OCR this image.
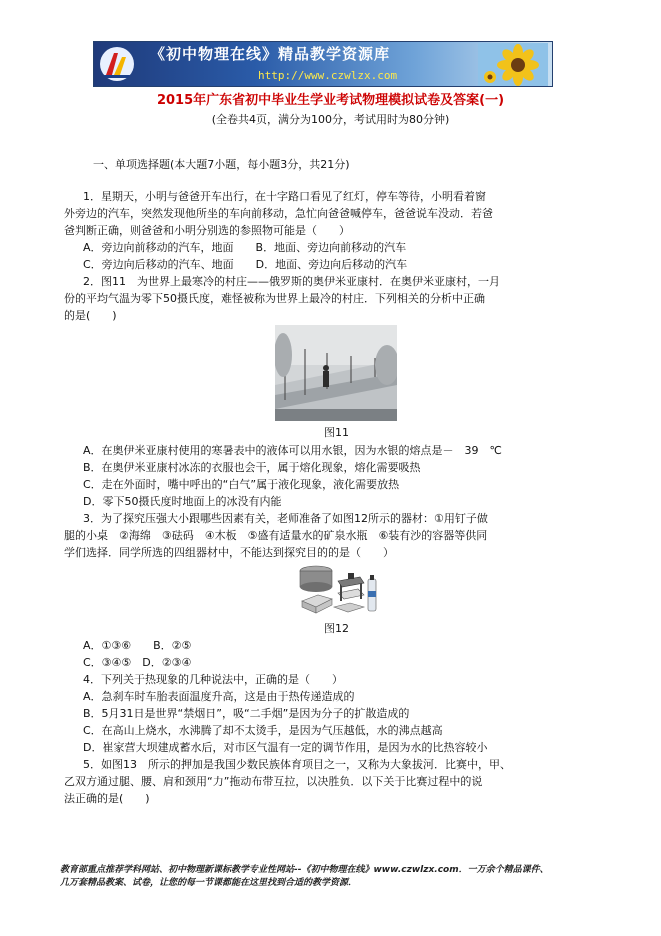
《初中物理在线》精品教学资源库
http://www.czwlzx.com
2015年广东省初中毕业生学业考试物理模拟试卷及答案(一)
(全卷共4页，满分为100分，考试用时为80分钟)
一、单项选择题(本大题7小题，每小题3分，共21分)
1．星期天，小明与爸爸开车出行，在十字路口看见了红灯，停车等待，小明看着窗
外旁边的汽车，突然发现他所坐的车向前移动，急忙向爸爸喊停车，爸爸说车没动．若爸
爸判断正确，则爸爸和小明分别选的参照物可能是（　　）
A．旁边向前移动的汽车，地面　　B．地面、旁边向前移动的汽车
C．旁边向后移动的汽车、地面　　D．地面、旁边向后移动的汽车
2．图11　为世界上最寒冷的村庄——俄罗斯的奥伊米亚康村．在奥伊米亚康村，一月
份的平均气温为零下50摄氏度，难怪被称为世界上最冷的村庄．下列相关的分析中正确
的是(　　)
图11
A．在奥伊米亚康村使用的寒暑表中的液体可以用水银，因为水银的熔点是－　39　℃
B．在奥伊米亚康村冰冻的衣服也会干，属于熔化现象，熔化需要吸热
C．走在外面时，嘴中呼出的“白气”属于液化现象，液化需要放热
D．零下50摄氏度时地面上的冰没有内能
3．为了探究压强大小跟哪些因素有关，老师准备了如图12所示的器材：①用钉子做
腿的小桌　②海绵　③砝码　④木板　⑤盛有适量水的矿泉水瓶　⑥装有沙的容器等供同
学们选择．同学所选的四组器材中，不能达到探究目的的是（　　）
图12
A．①③⑥　　B．②⑤
C．③④⑤　D．②③④
4．下列关于热现象的几种说法中，正确的是（　　）
A．急刹车时车胎表面温度升高，这是由于热传递造成的
B．5月31日是世界“禁烟日”，吸“二手烟”是因为分子的扩散造成的
C．在高山上烧水，水沸腾了却不太烫手，是因为气压越低，水的沸点越高
D．崔家营大坝建成蓄水后，对市区气温有一定的调节作用，是因为水的比热容较小
5．如图13　所示的押加是我国少数民族体育项目之一，又称为大象拔河．比赛中，甲、
乙双方通过腿、腰、肩和颈用“力”拖动布带互拉，以决胜负．以下关于比赛过程中的说
法正确的是(　　)
教育部重点推荐学科网站、初中物理新课标教学专业性网站--《初中物理在线》www.czwlzx.com．一万余个精品课件、
几万套精品教案、试卷，让您的每一节课都能在这里找到合适的教学资源．
